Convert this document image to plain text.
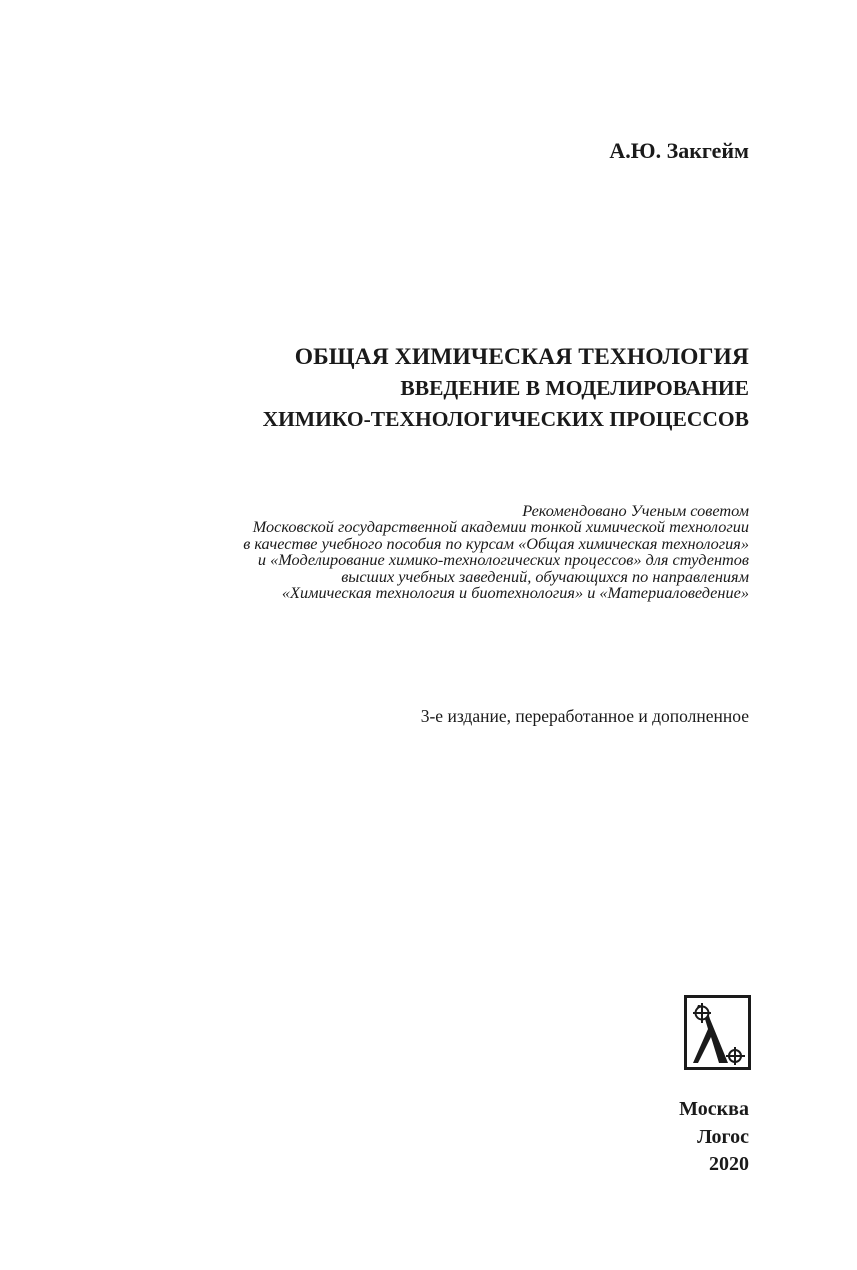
А.Ю. Закгейм
ОБЩАЯ ХИМИЧЕСКАЯ ТЕХНОЛОГИЯ
ВВЕДЕНИЕ В МОДЕЛИРОВАНИЕ
ХИМИКО-ТЕХНОЛОГИЧЕСКИХ ПРОЦЕССОВ
Рекомендовано Ученым советом
Московской государственной академии тонкой химической технологии
в качестве учебного пособия по курсам «Общая химическая технология»
и «Моделирование химико-технологических процессов» для студентов
высших учебных заведений, обучающихся по направлениям
«Химическая технология и биотехнология» и «Материаловедение»
3-е издание, переработанное и дополненное
Москва
Логос
2020
